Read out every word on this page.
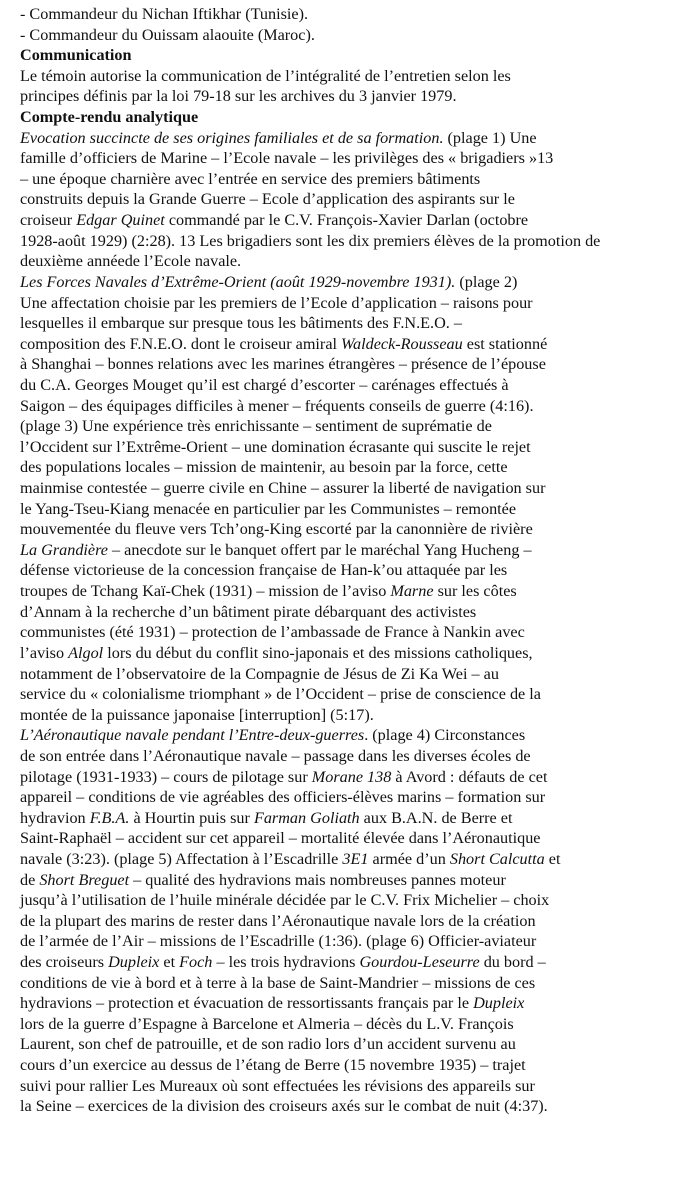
- Commandeur du Nichan Iftikhar (Tunisie).
- Commandeur du Ouissam alaouite (Maroc).
Communication
Le témoin autorise la communication de l’intégralité de l’entretien selon les
principes définis par la loi 79-18 sur les archives du 3 janvier 1979.
Compte-rendu analytique
Evocation succincte de ses origines familiales et de sa formation. (plage 1) Une
famille d’officiers de Marine – l’Ecole navale – les privilèges des « brigadiers »13
– une époque charnière avec l’entrée en service des premiers bâtiments
construits depuis la Grande Guerre – Ecole d’application des aspirants sur le
croiseur Edgar Quinet commandé par le C.V. François-Xavier Darlan (octobre
1928-août 1929) (2:28). 13 Les brigadiers sont les dix premiers élèves de la promotion de
deuxième annéede l’Ecole navale.
Les Forces Navales d’Extrême-Orient (août 1929-novembre 1931). (plage 2)
Une affectation choisie par les premiers de l’Ecole d’application – raisons pour
lesquelles il embarque sur presque tous les bâtiments des F.N.E.O. –
composition des F.N.E.O. dont le croiseur amiral Waldeck-Rousseau est stationné
à Shanghai – bonnes relations avec les marines étrangères – présence de l’épouse
du C.A. Georges Mouget qu’il est chargé d’escorter – carénages effectués à
Saigon – des équipages difficiles à mener – fréquents conseils de guerre (4:16).
(plage 3) Une expérience très enrichissante – sentiment de suprématie de
l’Occident sur l’Extrême-Orient – une domination écrasante qui suscite le rejet
des populations locales – mission de maintenir, au besoin par la force, cette
mainmise contestée – guerre civile en Chine – assurer la liberté de navigation sur
le Yang-Tseu-Kiang menacée en particulier par les Communistes – remontée
mouvementée du fleuve vers Tch’ong-King escorté par la canonnière de rivière
La Grandière – anecdote sur le banquet offert par le maréchal Yang Hucheng –
défense victorieuse de la concession française de Han-k’ou attaquée par les
troupes de Tchang Kaï-Chek (1931) – mission de l’aviso Marne sur les côtes
d’Annam à la recherche d’un bâtiment pirate débarquant des activistes
communistes (été 1931) – protection de l’ambassade de France à Nankin avec
l’aviso Algol lors du début du conflit sino-japonais et des missions catholiques,
notamment de l’observatoire de la Compagnie de Jésus de Zi Ka Wei – au
service du « colonialisme triomphant » de l’Occident – prise de conscience de la
montée de la puissance japonaise [interruption] (5:17).
L’Aéronautique navale pendant l’Entre-deux-guerres. (plage 4) Circonstances
de son entrée dans l’Aéronautique navale – passage dans les diverses écoles de
pilotage (1931-1933) – cours de pilotage sur Morane 138 à Avord : défauts de cet
appareil – conditions de vie agréables des officiers-élèves marins – formation sur
hydravion F.B.A. à Hourtin puis sur Farman Goliath aux B.A.N. de Berre et
Saint-Raphaël – accident sur cet appareil – mortalité élevée dans l’Aéronautique
navale (3:23). (plage 5) Affectation à l’Escadrille 3E1 armée d’un Short Calcutta et
de Short Breguet – qualité des hydravions mais nombreuses pannes moteur
jusqu’à l’utilisation de l’huile minérale décidée par le C.V. Frix Michelier – choix
de la plupart des marins de rester dans l’Aéronautique navale lors de la création
de l’armée de l’Air – missions de l’Escadrille (1:36). (plage 6) Officier-aviateur
des croiseurs Dupleix et Foch – les trois hydravions Gourdou-Leseurre du bord –
conditions de vie à bord et à terre à la base de Saint-Mandrier – missions de ces
hydravions – protection et évacuation de ressortissants français par le Dupleix
lors de la guerre d’Espagne à Barcelone et Almeria – décès du L.V. François
Laurent, son chef de patrouille, et de son radio lors d’un accident survenu au
cours d’un exercice au dessus de l’étang de Berre (15 novembre 1935) – trajet
suivi pour rallier Les Mureaux où sont effectuées les révisions des appareils sur
la Seine – exercices de la division des croiseurs axés sur le combat de nuit (4:37).
